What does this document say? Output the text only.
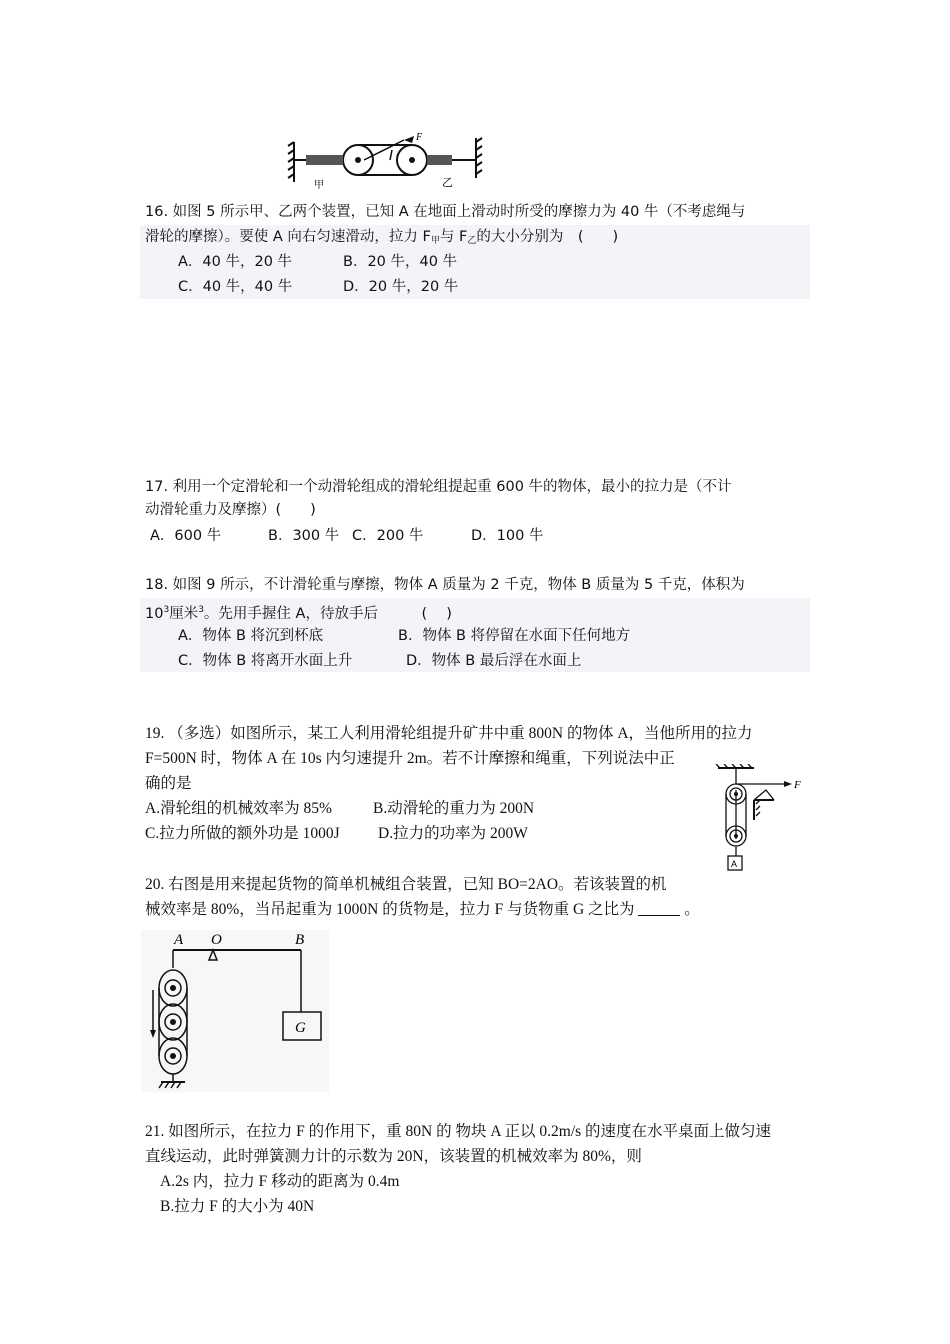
F
甲	乙
16. 如图 5 所示甲、乙两个装置，已知 A 在地面上滑动时所受的摩擦力为 40 牛（不考虑绳与
滑轮的摩擦）。要使 A 向右匀速滑动，拉力 $F_甲$与 $F_乙$的大小分别为　(　　)
A．40 牛，20 牛	B．20 牛，40 牛
C．40 牛，40 牛	D．20 牛，20 牛
17. 利用一个定滑轮和一个动滑轮组成的滑轮组提起重 600 牛的物体，最小的拉力是（不计
动滑轮重力及摩擦）(　　)
A．600 牛	B．300 牛 C．200 牛	D．100 牛
18. 如图 9 所示，不计滑轮重与摩擦，物体 A 质量为 2 千克，物体 B 质量为 5 千克，体积为
$10^3$厘米$^3$。先用手握住 A，待放手后　　　(　 )
A．物体 B 将沉到杯底	B．物体 B 将停留在水面下任何地方
C．物体 B 将离开水面上升	D．物体 B 最后浮在水面上
19. （多选）如图所示，某工人利用滑轮组提升矿井中重 800N 的物体 A，当他所用的拉力
F=500N 时，物体 A 在 10s 内匀速提升 2m。若不计摩擦和绳重，下列说法中正
确的是
A.滑轮组的机械效率为 85%	B.动滑轮的重力为 200N
C.拉力所做的额外功是 1000J D.拉力的功率为 200W
F
A
20. 右图是用来提起货物的简单机械组合装置，已知 BO=2AO。若该装置的机
械效率是 80%，当吊起重为 1000N 的货物是，拉力 F 与货物重 G 之比为	。
A O	B
G
21. 如图所示，在拉力 F 的作用下，重 80N 的 物块 A 正以 0.2m/s 的速度在水平桌面上做匀速
直线运动，此时弹簧测力计的示数为 20N，该装置的机械效率为 80%，则
A.2s 内，拉力 F 移动的距离为 0.4m
B.拉力 F 的大小为 40N
